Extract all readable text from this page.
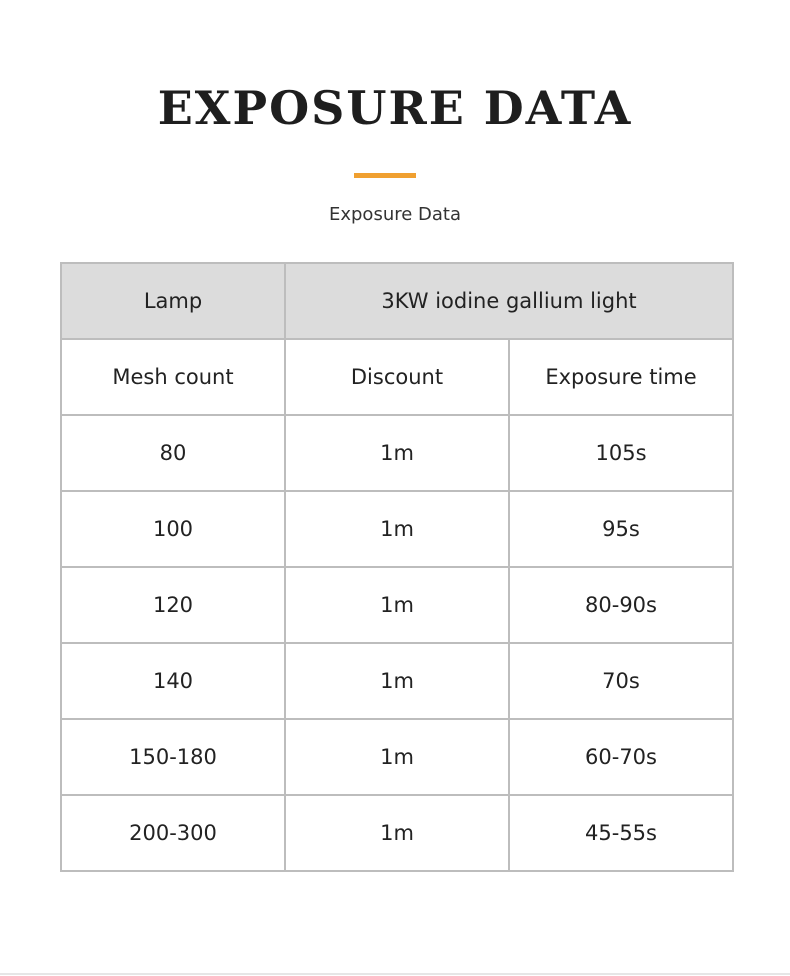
EXPOSURE DATA
Exposure Data
Lamp	3KW iodine gallium light	
Mesh count	Discount	Exposure time
80	1m	105s
100	1m	95s
120	1m	80-90s
140	1m	70s
150-180	1m	60-70s
200-300	1m	45-55s
